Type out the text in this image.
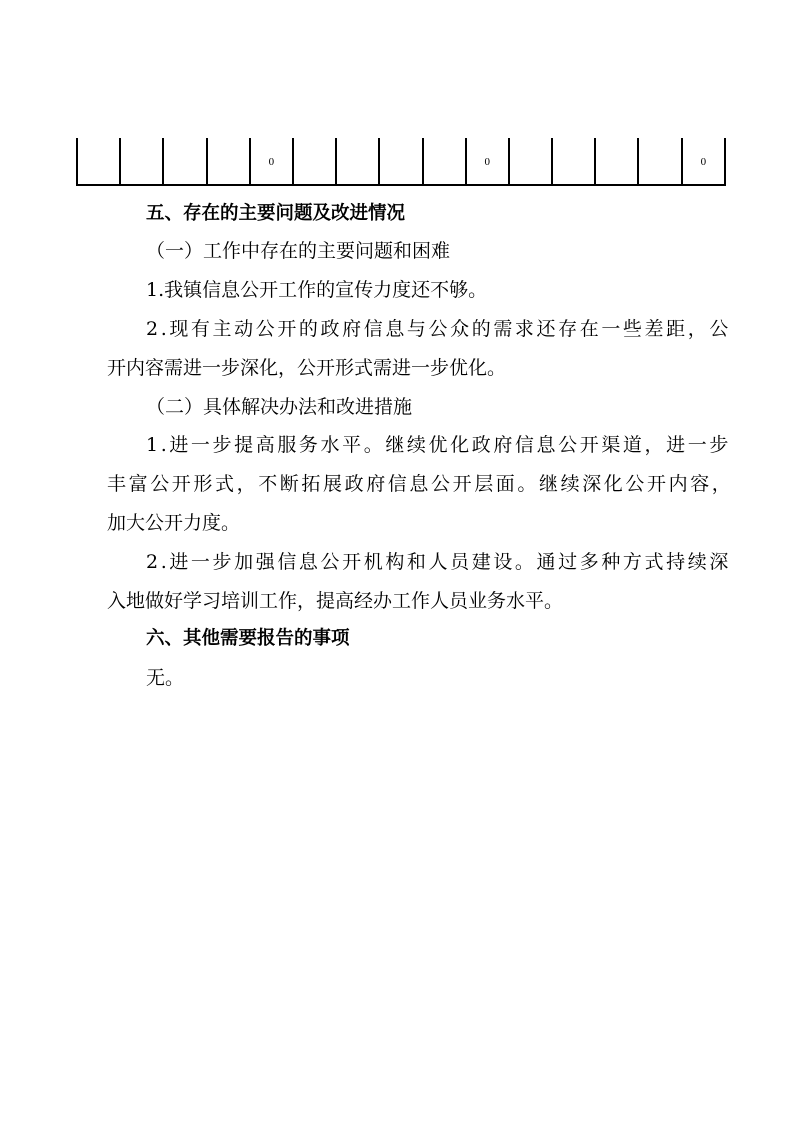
				0					0					0
五、存在的主要问题及改进情况
（一）工作中存在的主要问题和困难
1.我镇信息公开工作的宣传力度还不够。
2.现有主动公开的政府信息与公众的需求还存在一些差距，公
开内容需进一步深化，公开形式需进一步优化。
（二）具体解决办法和改进措施
1.进一步提高服务水平。继续优化政府信息公开渠道，进一步
丰富公开形式，不断拓展政府信息公开层面。继续深化公开内容，
加大公开力度。
2.进一步加强信息公开机构和人员建设。通过多种方式持续深
入地做好学习培训工作，提高经办工作人员业务水平。
六、其他需要报告的事项
无。
